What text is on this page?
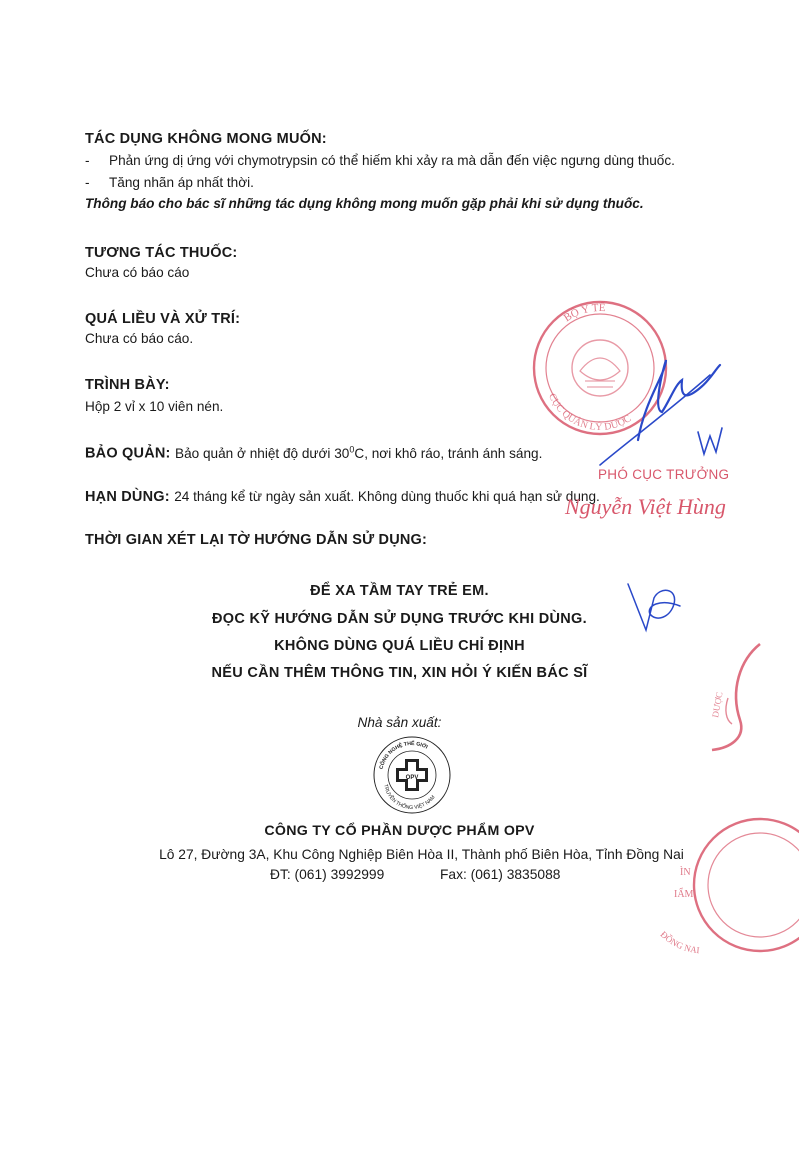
TÁC DỤNG KHÔNG MONG MUỐN:
- Phản ứng dị ứng với chymotrypsin có thể hiếm khi xảy ra mà dẫn đến việc ngưng dùng thuốc.
- Tăng nhãn áp nhất thời.
Thông báo cho bác sĩ những tác dụng không mong muốn gặp phải khi sử dụng thuốc.
TƯƠNG TÁC THUỐC:
Chưa có báo cáo
QUÁ LIỀU VÀ XỬ TRÍ:
Chưa có báo cáo.
TRÌNH BÀY:
Hộp 2 vỉ x 10 viên nén.
BẢO QUẢN: Bảo quản ở nhiệt độ dưới $30^0C$, nơi khô ráo, tránh ánh sáng.
HẠN DÙNG: 24 tháng kể từ ngày sản xuất. Không dùng thuốc khi quá hạn sử dụng.
THỜI GIAN XÉT LẠI TỜ HƯỚNG DẪN SỬ DỤNG:
ĐỂ XA TẦM TAY TRẺ EM.
ĐỌC KỸ HƯỚNG DẪN SỬ DỤNG TRƯỚC KHI DÙNG.
KHÔNG DÙNG QUÁ LIỀU CHỈ ĐỊNH
NẾU CẦN THÊM THÔNG TIN, XIN HỎI Ý KIẾN BÁC SĨ
Nhà sản xuất:
OPV
CÔNG NGHỆ THẾ GIỚI
TRUYỀN THỐNG VIỆT NAM
CÔNG TY CỔ PHẦN DƯỢC PHẨM OPV
Lô 27, Đường 3A, Khu Công Nghiệp Biên Hòa II, Thành phố Biên Hòa, Tỉnh Đồng Nai
ĐT: (061) 3992999	Fax: (061) 3835088
BỘ Y TẾ
CỤC QUẢN LÝ DƯỢC
PHÓ CỤC TRƯỞNG
Nguyễn Việt Hùng
DƯỢC
ÌN
IẨM
ĐỒNG NAI
